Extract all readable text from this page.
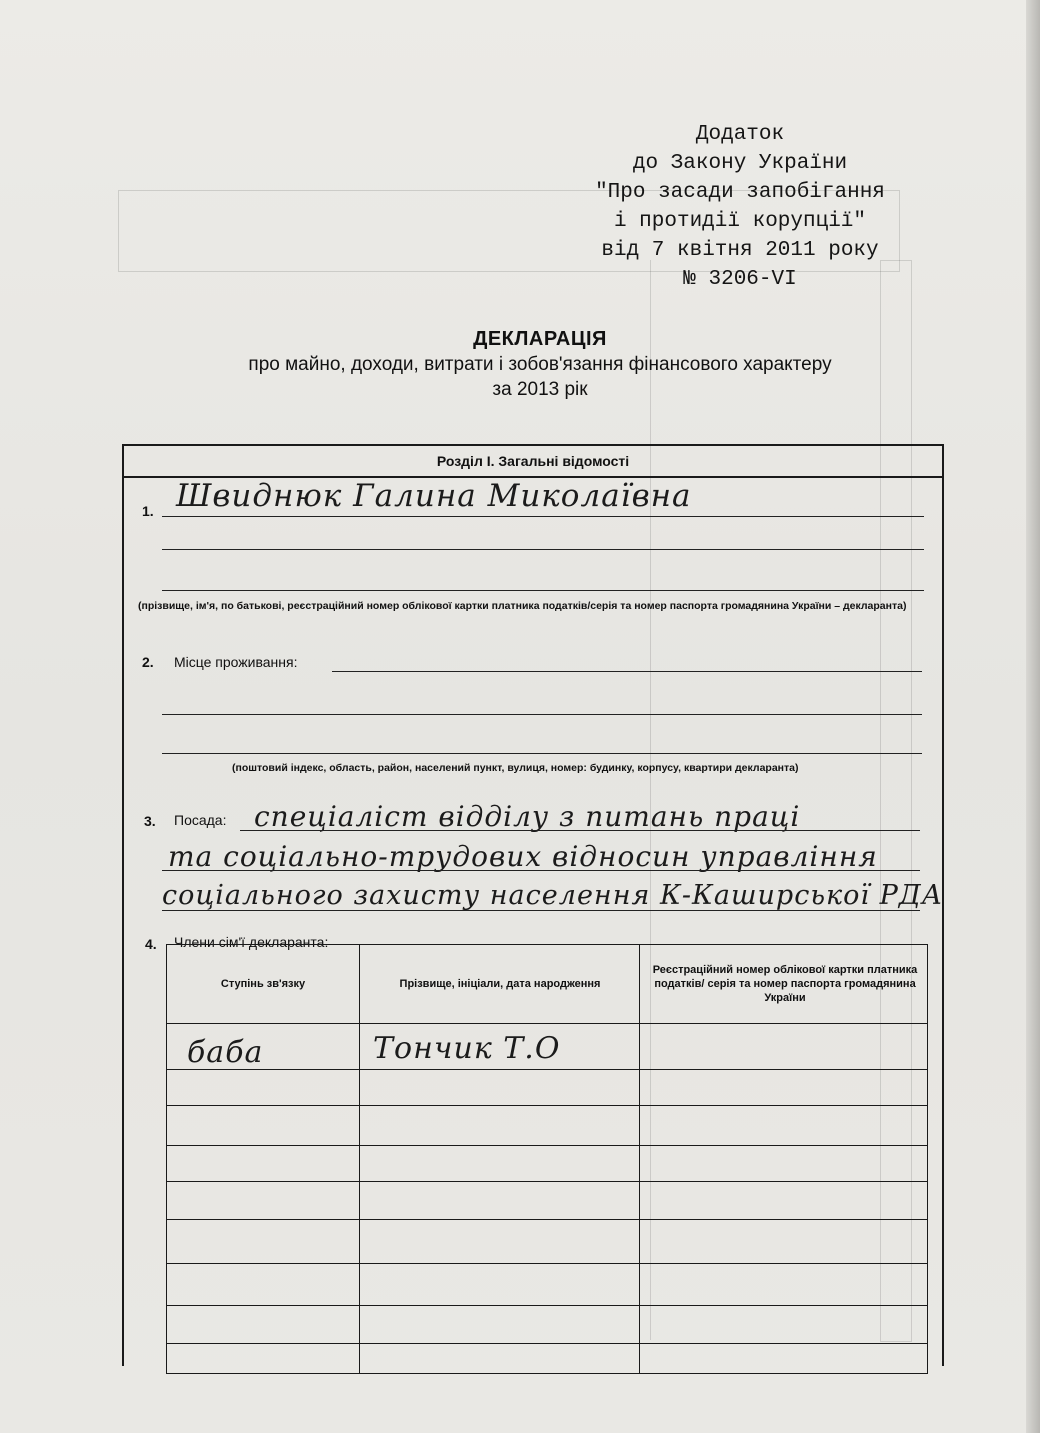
Додаток
до Закону України
"Про засади запобігання
і протидії корупції"
від 7 квітня 2011 року
№ 3206-VI
ДЕКЛАРАЦІЯ
про майно, доходи, витрати і зобов'язання фінансового характеру
за 2013 рік
Розділ І. Загальні відомості
1. Швиднюк Галина Миколаївна
(прізвище, ім'я, по батькові, реєстраційний номер облікової картки платника податків/серія та номер паспорта громадянина України – декларанта)
2. Місце проживання:
(поштовий індекс, область, район, населений пункт, вулиця, номер: будинку, корпусу, квартири декларанта)
3. Посада: спеціаліст відділу з питань праці
та соціально-трудових відносин управління
соціального захисту населення К-Каширської РДА
4. Члени сім'ї декларанта:
Ступінь зв'язку	Прізвище, ініціали, дата народження
Реєстраційний номер облікової картки платника податків/ серія та номер паспорта громадянина України
баба	Тончик Т.О
